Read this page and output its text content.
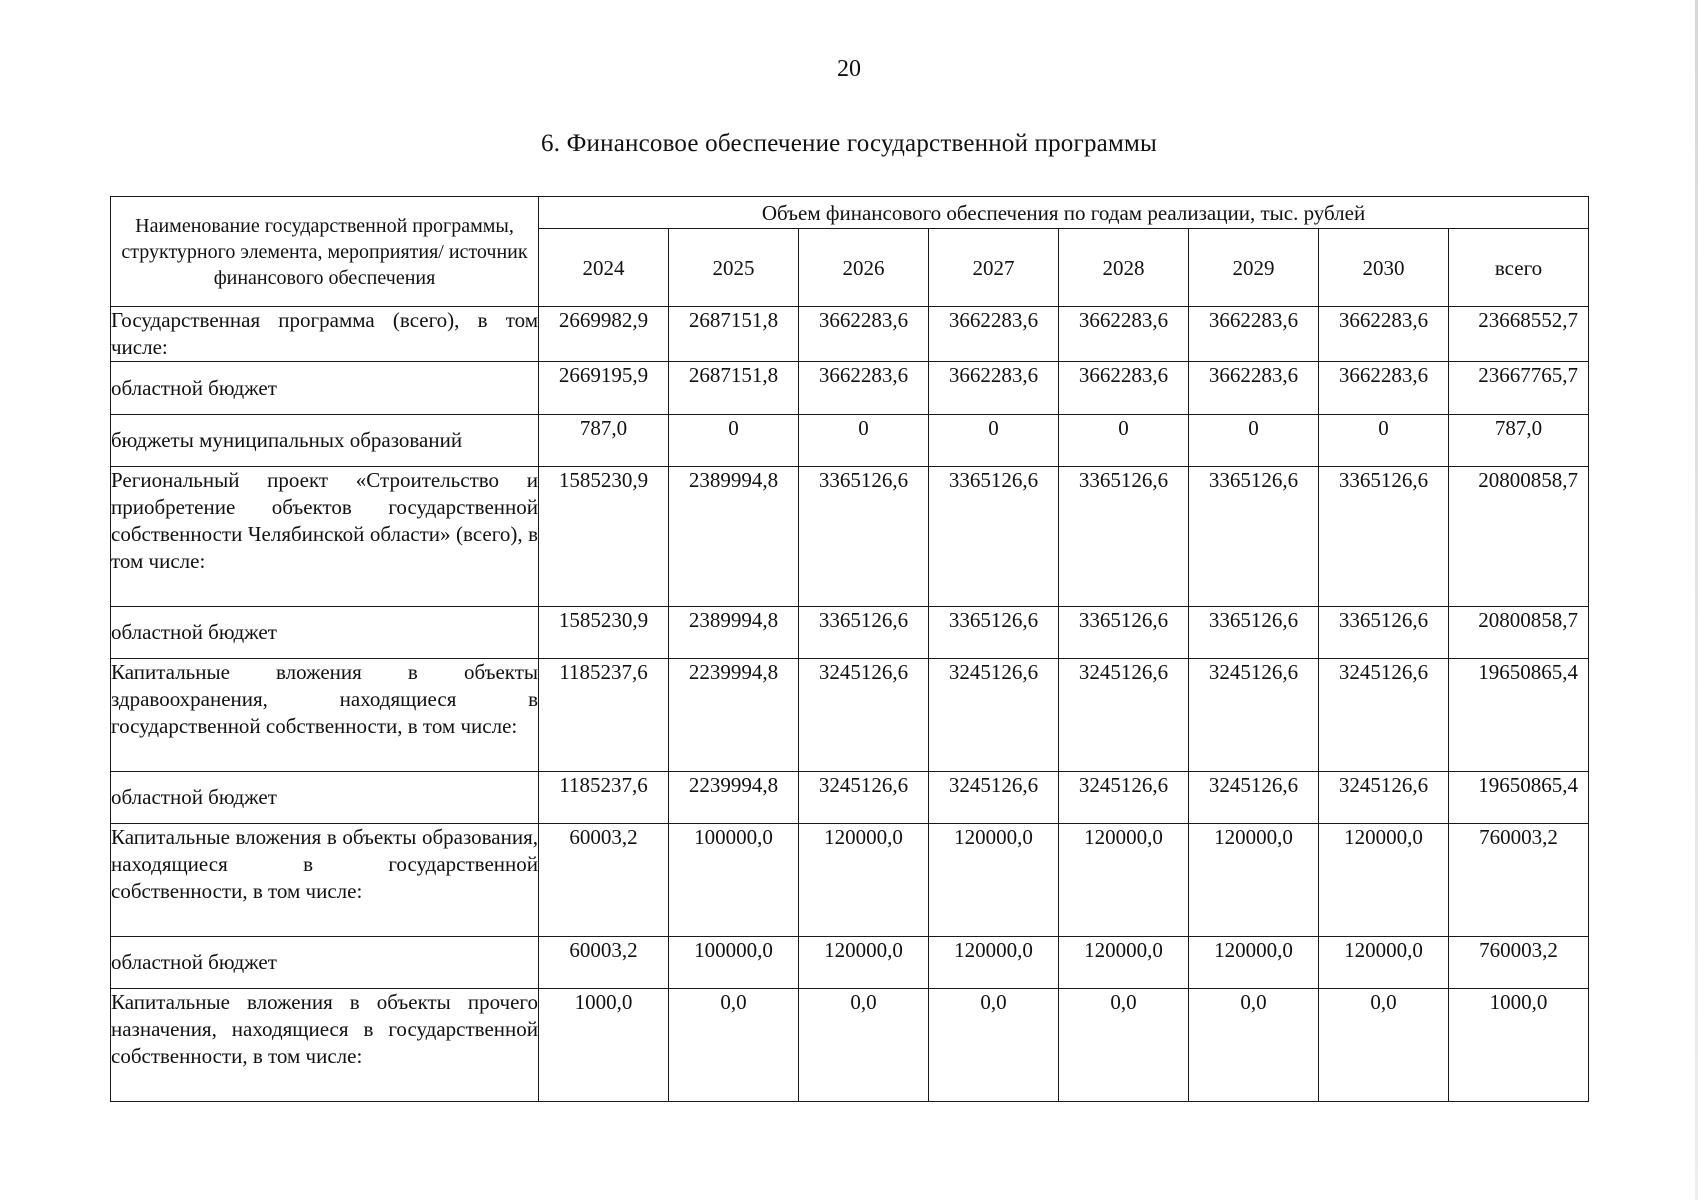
20
6. Финансовое обеспечение государственной программы
Наименование государственной программы, структурного элемента, мероприятия/ источник финансового обеспечения	Объем финансового обеспечения по годам реализации, тыс. рублей							
	2024	2025	2026	2027	2028	2029	2030	всего
Государственная программа (всего), в том числе:	2669982,9	2687151,8	3662283,6	3662283,6	3662283,6	3662283,6	3662283,6	23668552,7
областной бюджет	2669195,9	2687151,8	3662283,6	3662283,6	3662283,6	3662283,6	3662283,6	23667765,7
бюджеты муниципальных образований	787,0	0	0	0	0	0	0	787,0
Региональный проект «Строительство и приобретение объектов государственной собственности Челябинской области» (всего), в том числе:	1585230,9	2389994,8	3365126,6	3365126,6	3365126,6	3365126,6	3365126,6	20800858,7
областной бюджет	1585230,9	2389994,8	3365126,6	3365126,6	3365126,6	3365126,6	3365126,6	20800858,7
Капитальные вложения в объекты здравоохранения, находящиеся в государственной собственности, в том числе:	1185237,6	2239994,8	3245126,6	3245126,6	3245126,6	3245126,6	3245126,6	19650865,4
областной бюджет	1185237,6	2239994,8	3245126,6	3245126,6	3245126,6	3245126,6	3245126,6	19650865,4
Капитальные вложения в объекты образования, находящиеся в государственной собственности, в том числе:	60003,2	100000,0	120000,0	120000,0	120000,0	120000,0	120000,0	760003,2
областной бюджет	60003,2	100000,0	120000,0	120000,0	120000,0	120000,0	120000,0	760003,2
Капитальные вложения в объекты прочего назначения, находящиеся в государственной собственности, в том числе:	1000,0	0,0	0,0	0,0	0,0	0,0	0,0	1000,0
